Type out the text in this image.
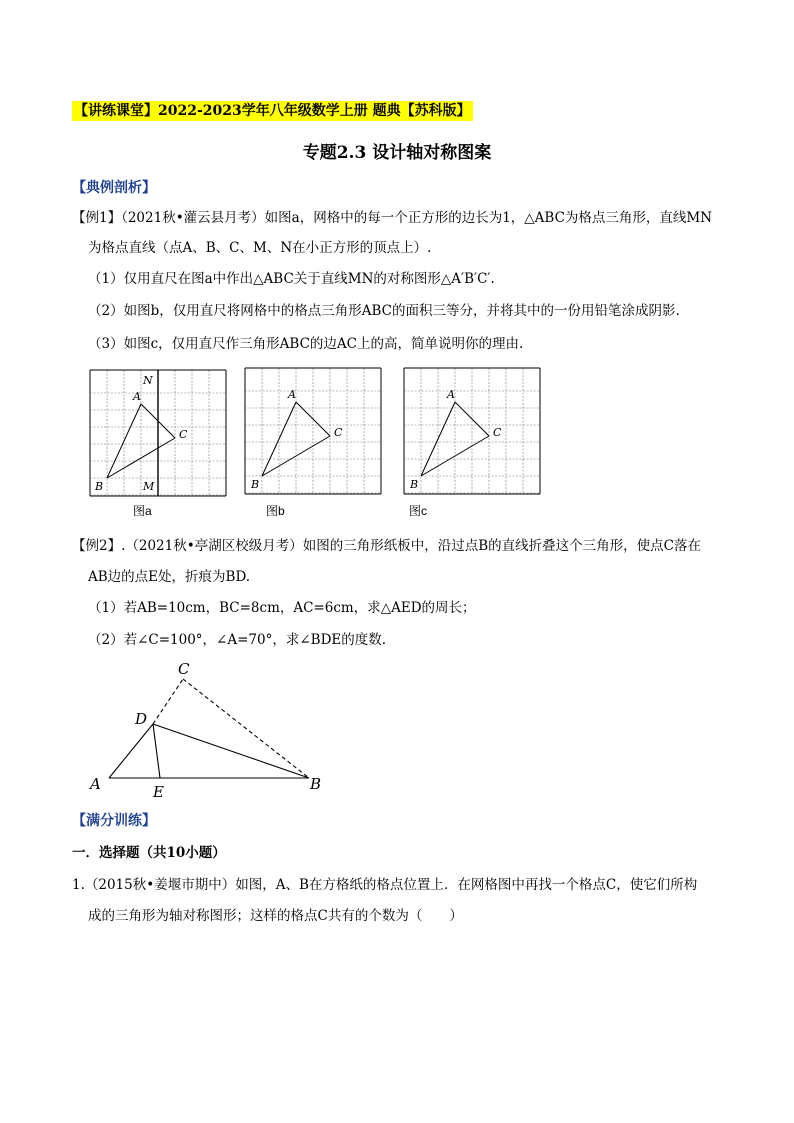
【讲练课堂】2022-2023学年八年级数学上册 题典【苏科版】
专题2.3 设计轴对称图案
【典例剖析】
【例1】（2021秋•灌云县月考）如图a，网格中的每一个正方形的边长为1，△ABC为格点三角形，直线MN
为格点直线（点A、B、C、M、N在小正方形的顶点上）.
（1）仅用直尺在图a中作出△ABC关于直线MN的对称图形△A′B′C′.
（2）如图b，仅用直尺将网格中的格点三角形ABC的面积三等分，并将其中的一份用铅笔涂成阴影.
（3）如图c，仅用直尺作三角形ABC的边AC上的高，简单说明你的理由.
A
B
C
M
N
图a
A
B
C
图b
A
B
C
图c
【例2】.（2021秋•亭湖区校级月考）如图的三角形纸板中，沿过点B的直线折叠这个三角形，使点C落在
AB边的点E处，折痕为BD.
（1）若AB=10cm，BC=8cm，AC=6cm，求△AED的周长；
（2）若∠C=100°，∠A=70°，求∠BDE的度数.
A	B
C
D
E
【满分训练】
一．选择题（共10小题）
1.（2015秋•姜堰市期中）如图，A、B在方格纸的格点位置上．在网格图中再找一个格点C，使它们所构
成的三角形为轴对称图形；这样的格点C共有的个数为（　　）
